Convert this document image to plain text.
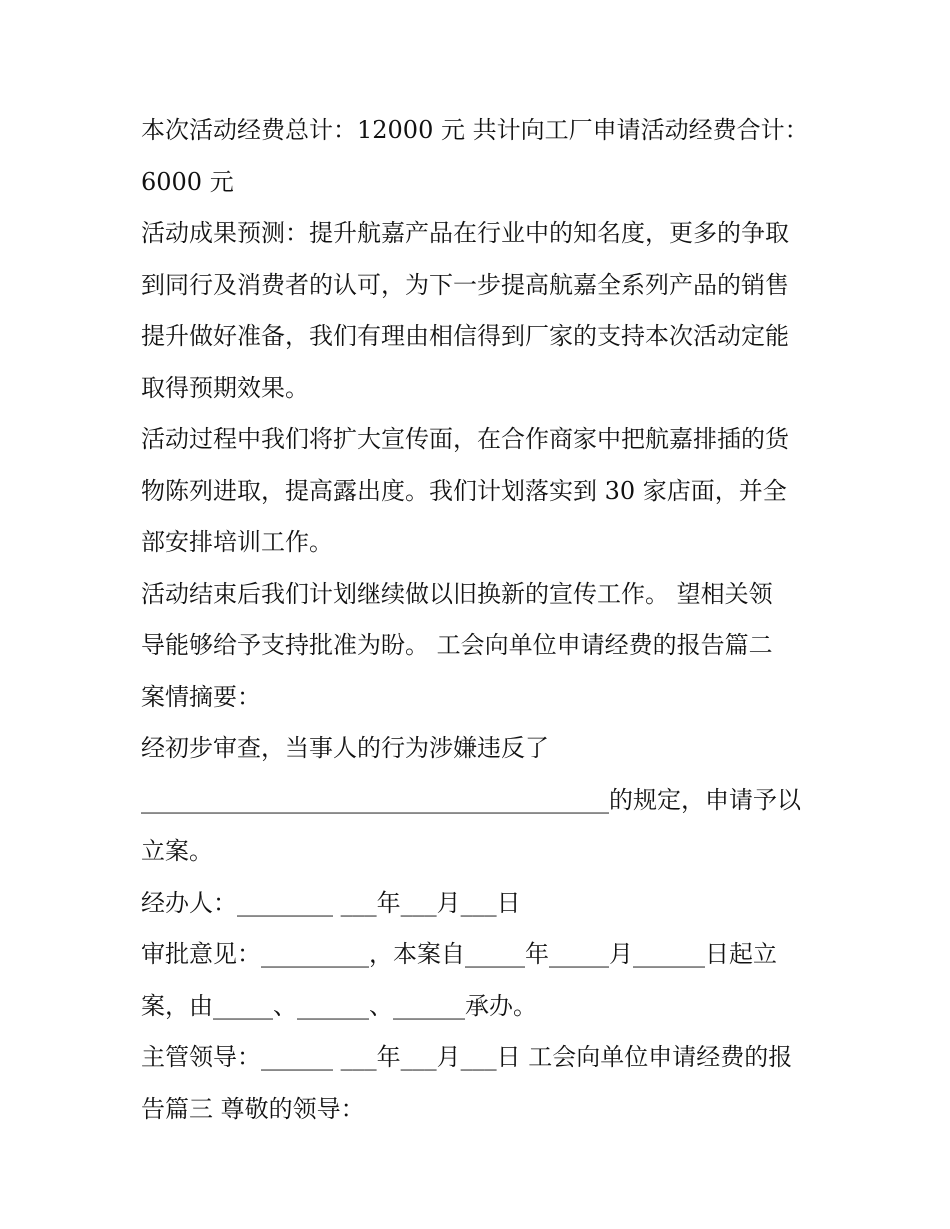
本次活动经费总计：12000 元 共计向工厂申请活动经费合计：
6000 元
活动成果预测：提升航嘉产品在行业中的知名度，更多的争取
到同行及消费者的认可，为下一步提高航嘉全系列产品的销售
提升做好准备，我们有理由相信得到厂家的支持本次活动定能
取得预期效果。
活动过程中我们将扩大宣传面，在合作商家中把航嘉排插的货
物陈列进取，提高露出度。我们计划落实到 30 家店面，并全
部安排培训工作。
活动结束后我们计划继续做以旧换新的宣传工作。 望相关领
导能够给予支持批准为盼。 工会向单位申请经费的报告篇二
案情摘要：
经初步审查，当事人的行为涉嫌违反了
_______________________________________的规定，申请予以
立案。
经办人：________ ___年___月___日
审批意见：_________，本案自_____年_____月______日起立
案，由_____、______、______承办。
主管领导：______ ___年___月___日 工会向单位申请经费的报
告篇三 尊敬的领导：
